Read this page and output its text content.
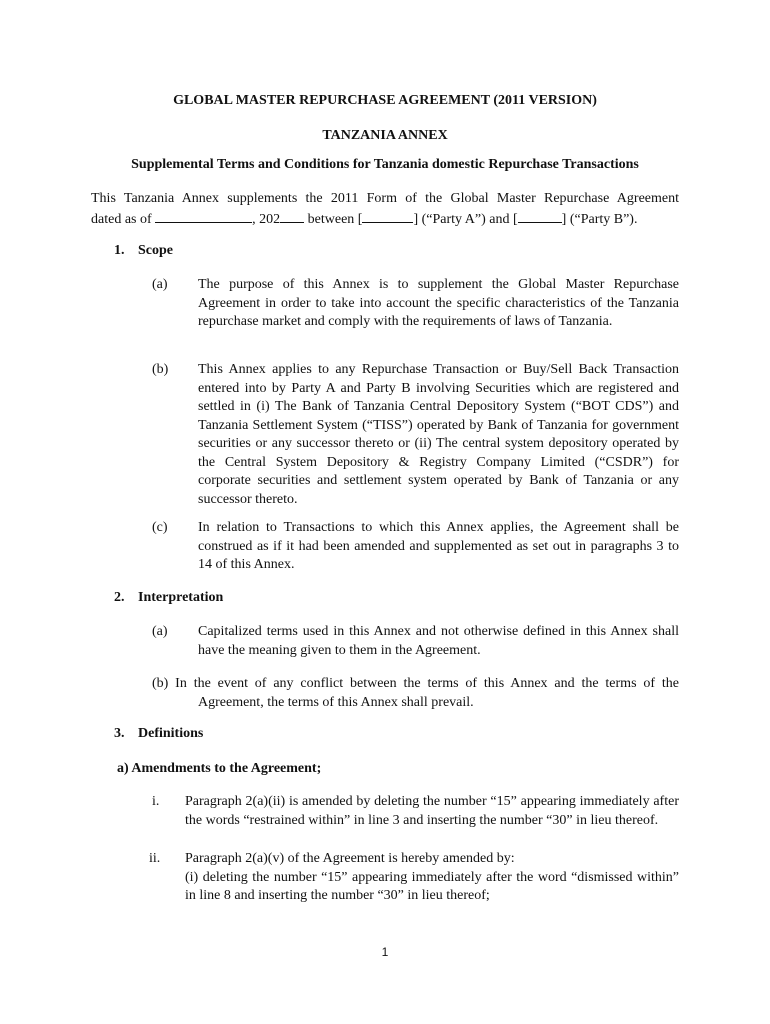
GLOBAL MASTER REPURCHASE AGREEMENT (2011 VERSION)
TANZANIA ANNEX
Supplemental Terms and Conditions for Tanzania domestic Repurchase Transactions
This Tanzania Annex supplements the 2011 Form of the Global Master Repurchase Agreement
dated as of	, 202 between [	] (“Party A”) and [	] (“Party B”).
1. Scope
(a) The purpose of this Annex is to supplement the Global Master Repurchase Agreement in order to take into account the specific characteristics of the Tanzania repurchase market and comply with the requirements of laws of Tanzania.
(b) This Annex applies to any Repurchase Transaction or Buy/Sell Back Transaction entered into by Party A and Party B involving Securities which are registered and settled in (i) The Bank of Tanzania Central Depository System (“BOT CDS”) and Tanzania Settlement System (“TISS”) operated by Bank of Tanzania for government securities or any successor thereto or (ii) The central system depository operated by the Central System Depository & Registry Company Limited (“CSDR”) for corporate securities and settlement system operated by Bank of Tanzania or any successor thereto.
(c) In relation to Transactions to which this Annex applies, the Agreement shall be construed as if it had been amended and supplemented as set out in paragraphs 3 to 14 of this Annex.
2. Interpretation
(a) Capitalized terms used in this Annex and not otherwise defined in this Annex shall have the meaning given to them in the Agreement.
(b) In the event of any conflict between the terms of this Annex and the terms of the Agreement, the terms of this Annex shall prevail.
3. Definitions
a) Amendments to the Agreement;
i. Paragraph 2(a)(ii) is amended by deleting the number “15” appearing immediately after the words “restrained within” in line 3 and inserting the number “30” in lieu thereof.
ii. Paragraph 2(a)(v) of the Agreement is hereby amended by:
(i) deleting the number “15” appearing immediately after the word “dismissed within” in line 8 and inserting the number “30” in lieu thereof;
1
